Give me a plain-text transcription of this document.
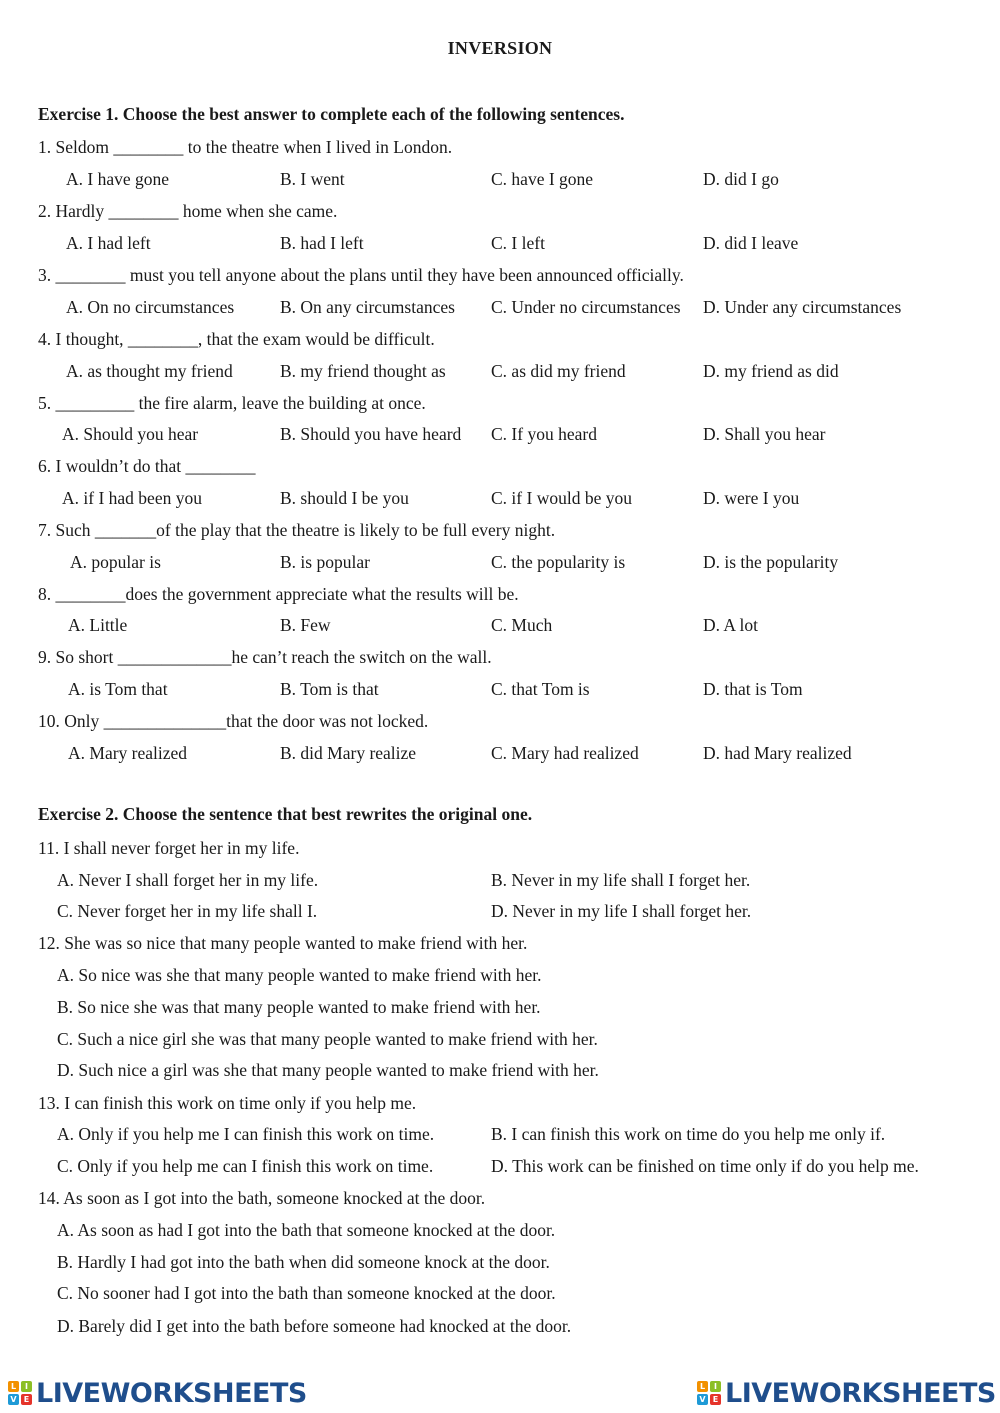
INVERSION
Exercise 1. Choose the best answer to complete each of the following sentences.
1. Seldom ________ to the theatre when I lived in London.
A. I have gone	B. I went	C. have I gone	D. did I go
2. Hardly ________ home when she came.
A. I had left	B. had I left	C. I left	D. did I leave
3. ________ must you tell anyone about the plans until they have been announced officially.
A. On no circumstances	B. On any circumstances C. Under no circumstances D. Under any circumstances
4. I thought, ________, that the exam would be difficult.
A. as thought my friend	B. my friend thought as	C. as did my friend	D. my friend as did
5. _________ the fire alarm, leave the building at once.
A. Should you hear	B. Should you have heard C. If you heard	D. Shall you hear
6. I wouldn’t do that ________
A. if I had been you	B. should I be you	C. if I would be you	D. were I you
7. Such _______of the play that the theatre is likely to be full every night.
A. popular is	B. is popular	C. the popularity is	D. is the popularity
8. ________does the government appreciate what the results will be.
A. Little	B. Few	C. Much	D. A lot
9. So short _____________he can’t reach the switch on the wall.
A. is Tom that	B. Tom is that	C. that Tom is	D. that is Tom
10. Only ______________that the door was not locked.
A. Mary realized	B. did Mary realize	C. Mary had realized	D. had Mary realized
Exercise 2. Choose the sentence that best rewrites the original one.
11. I shall never forget her in my life.
A. Never I shall forget her in my life.	B. Never in my life shall I forget her.
C. Never forget her in my life shall I.	D. Never in my life I shall forget her.
12. She was so nice that many people wanted to make friend with her.
A. So nice was she that many people wanted to make friend with her.
B. So nice she was that many people wanted to make friend with her.
C. Such a nice girl she was that many people wanted to make friend with her.
D. Such nice a girl was she that many people wanted to make friend with her.
13. I can finish this work on time only if you help me.
A. Only if you help me I can finish this work on time.	B. I can finish this work on time do you help me only if.
C. Only if you help me can I finish this work on time.	D. This work can be finished on time only if do you help me.
14. As soon as I got into the bath, someone knocked at the door.
A. As soon as had I got into the bath that someone knocked at the door.
B. Hardly I had got into the bath when did someone knock at the door.
C. No sooner had I got into the bath than someone knocked at the door.
D. Barely did I get into the bath before someone had knocked at the door.
L	I
V E LIVEWORKSHEETS	L	I
V E LIVEWORKSHEETS
